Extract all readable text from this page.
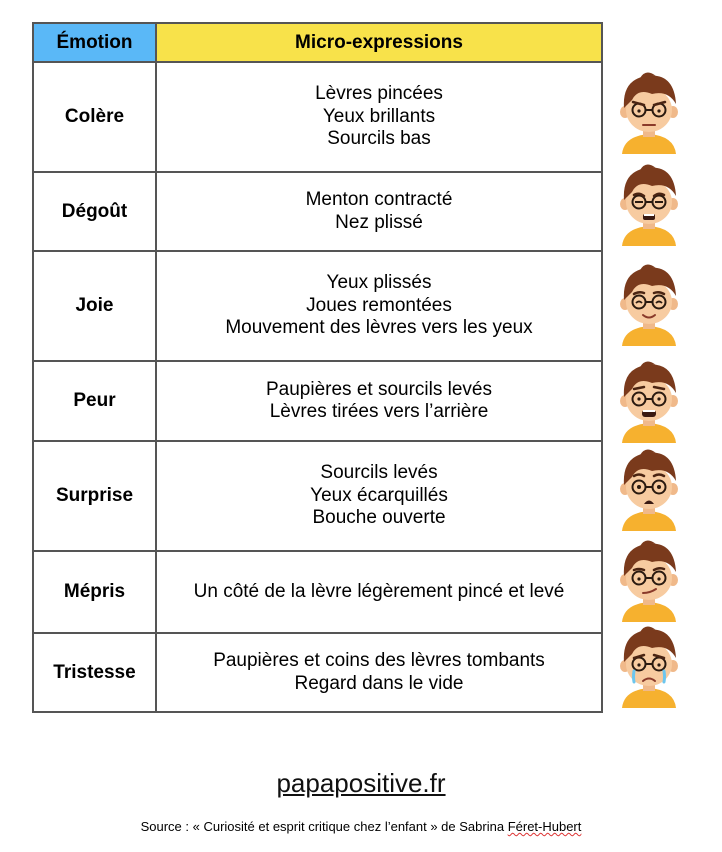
Émotion	Micro-expressions
Colère	Lèvres pincées
Yeux brillants
Sourcils bas

Dégoût	Menton contracté
Nez plissé

Joie	Yeux plissés
Joues remontées
Mouvement des lèvres vers les yeux

Peur	Paupières et sourcils levés
Lèvres tirées vers l’arrière

Surprise	Sourcils levés
Yeux écarquillés
Bouche ouverte

Mépris	Un côté de la lèvre légèrement pincé et levé

Tristesse	Paupières et coins des lèvres tombants
Regard dans le vide
papapositive.fr
Source : « Curiosité et esprit critique chez l’enfant » de Sabrina Féret-Hubert
